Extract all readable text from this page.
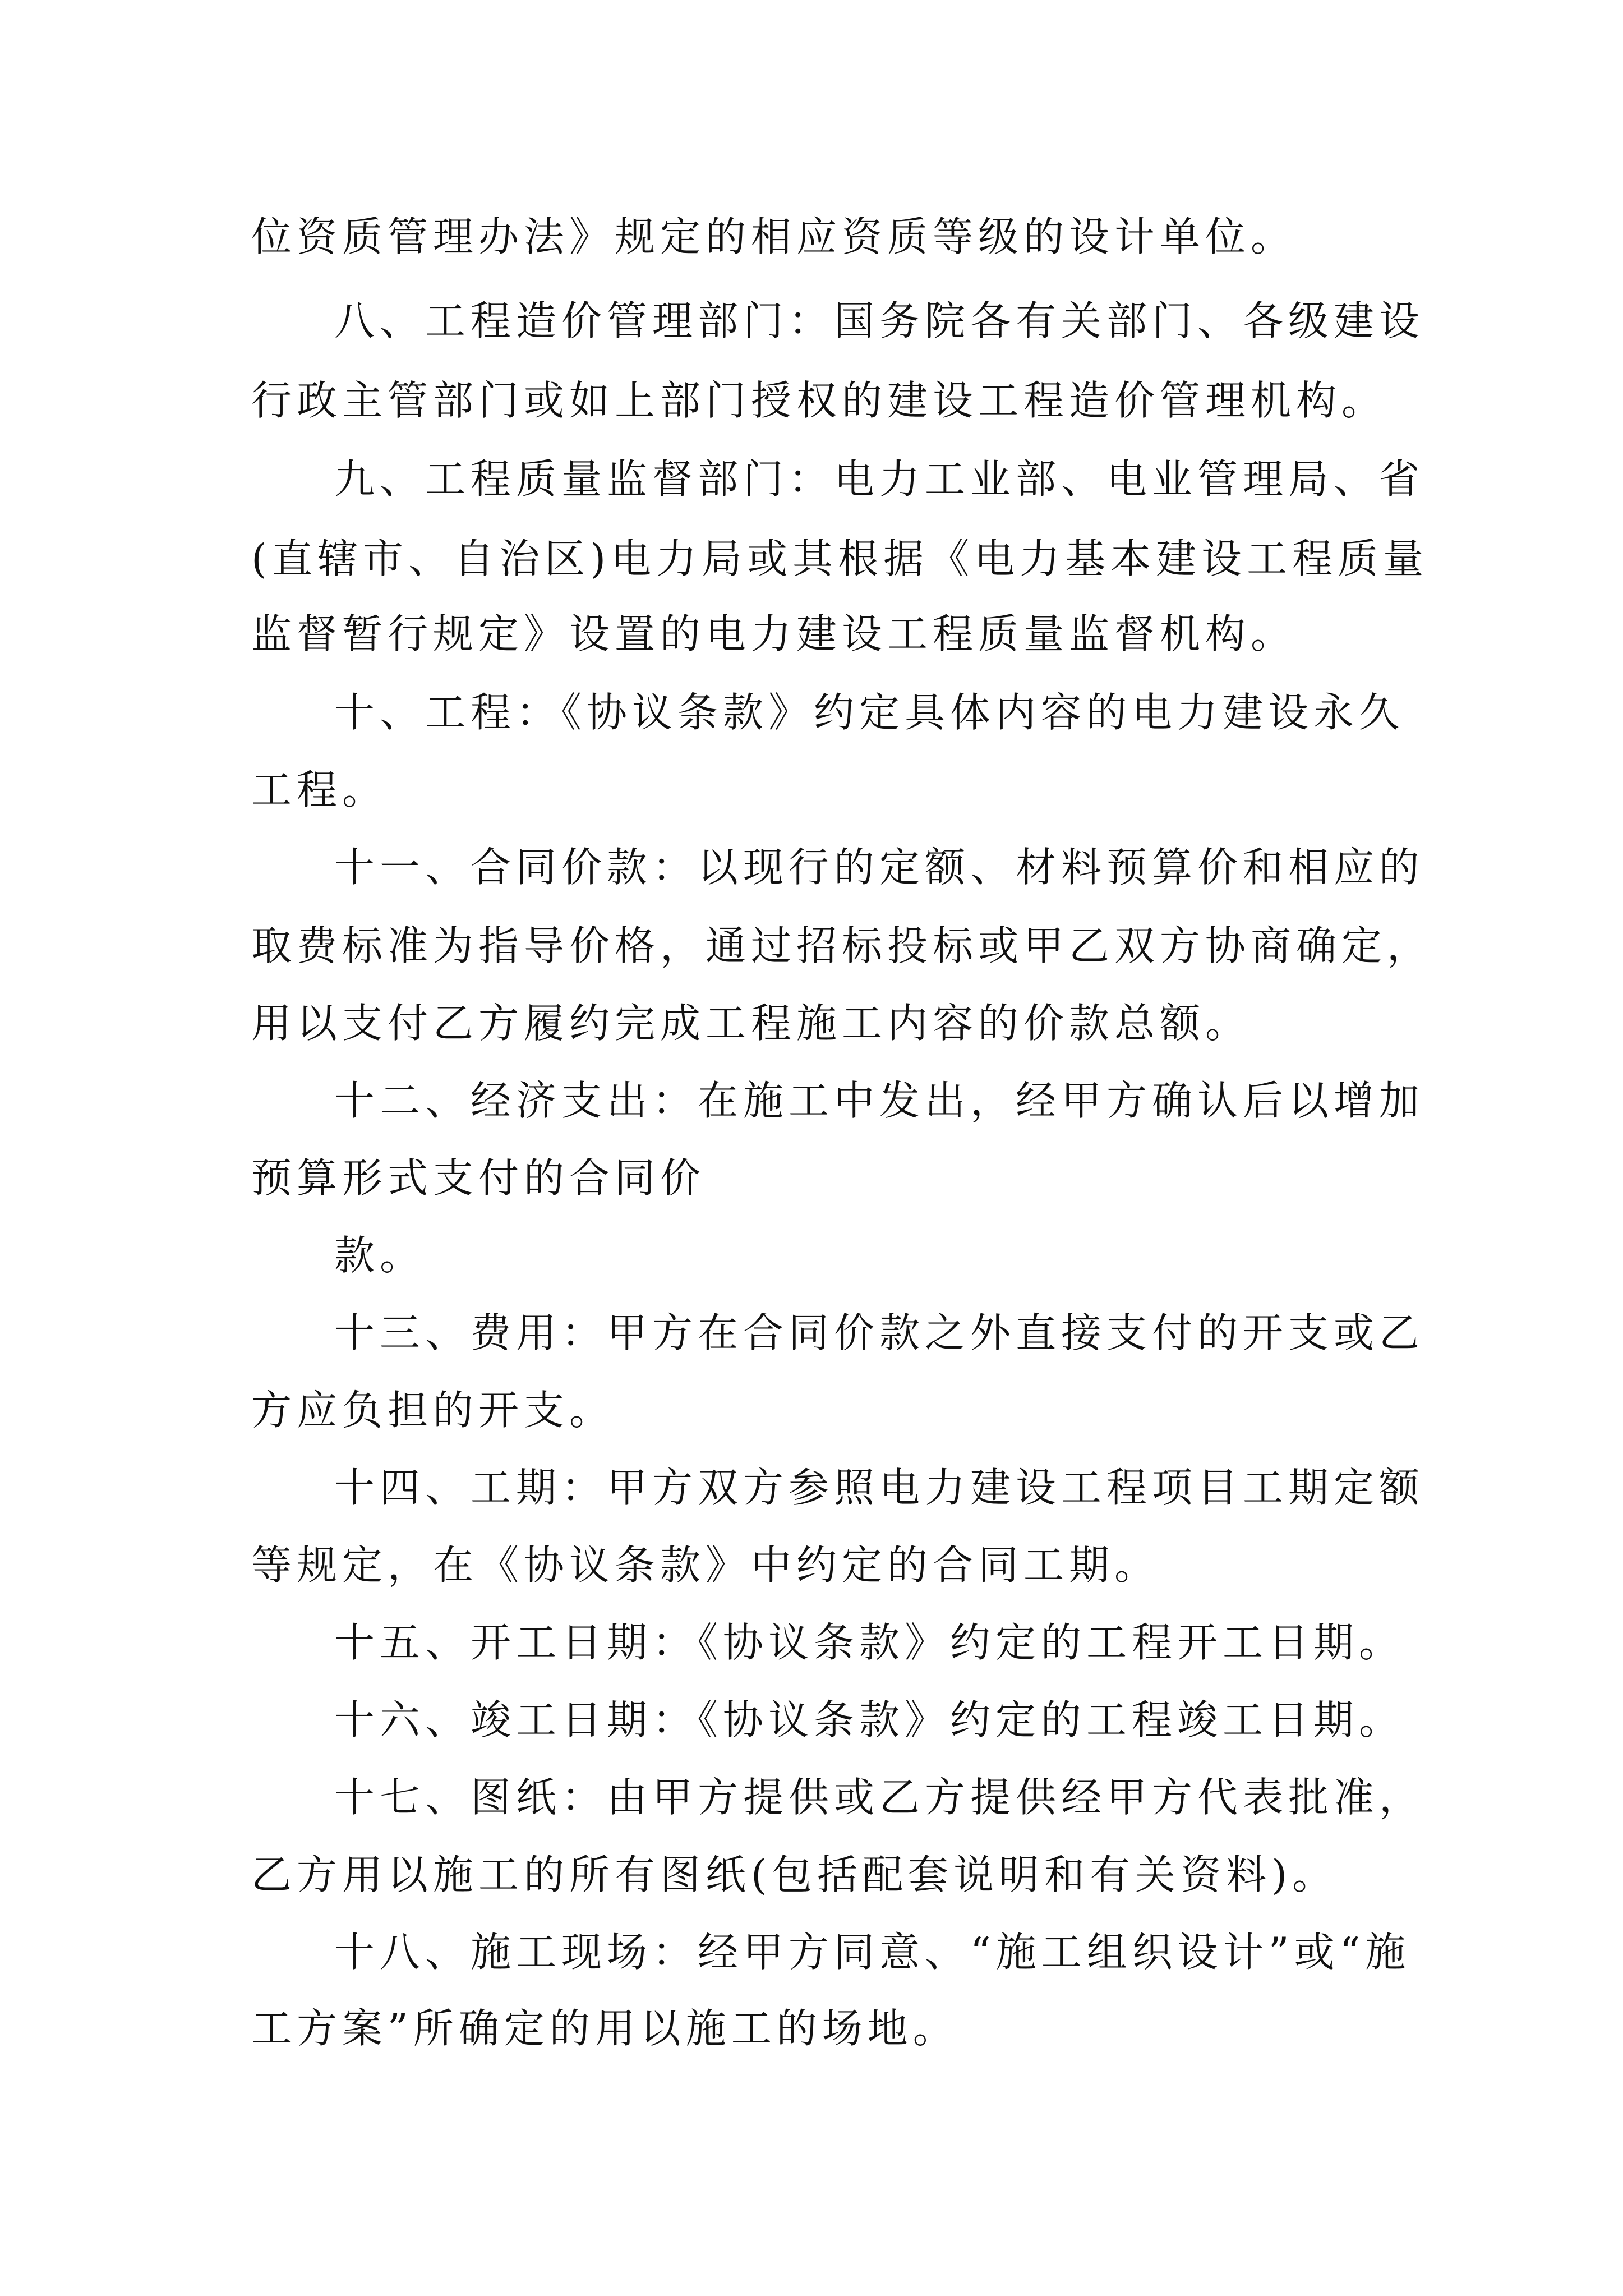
位资质管理办法》规定的相应资质等级的设计单位。
八、工程造价管理部门：国务院各有关部门、各级建设
行政主管部门或如上部门授权的建设工程造价管理机构。
九、工程质量监督部门：电力工业部、电业管理局、省
(直辖市、自治区)电力局或其根据《电力基本建设工程质量
监督暂行规定》设置的电力建设工程质量监督机构。
十、工程：《协议条款》约定具体内容的电力建设永久
工程。
十一、合同价款：以现行的定额、材料预算价和相应的
取费标准为指导价格，通过招标投标或甲乙双方协商确定，
用以支付乙方履约完成工程施工内容的价款总额。
十二、经济支出：在施工中发出，经甲方确认后以增加
预算形式支付的合同价
款。
十三、费用：甲方在合同价款之外直接支付的开支或乙
方应负担的开支。
十四、工期：甲方双方参照电力建设工程项目工期定额
等规定，在《协议条款》中约定的合同工期。
十五、开工日期：《协议条款》约定的工程开工日期。
十六、竣工日期：《协议条款》约定的工程竣工日期。
十七、图纸：由甲方提供或乙方提供经甲方代表批准，
乙方用以施工的所有图纸(包括配套说明和有关资料)。
十八、施工现场：经甲方同意、“施工组织设计”或“施
工方案”所确定的用以施工的场地。
